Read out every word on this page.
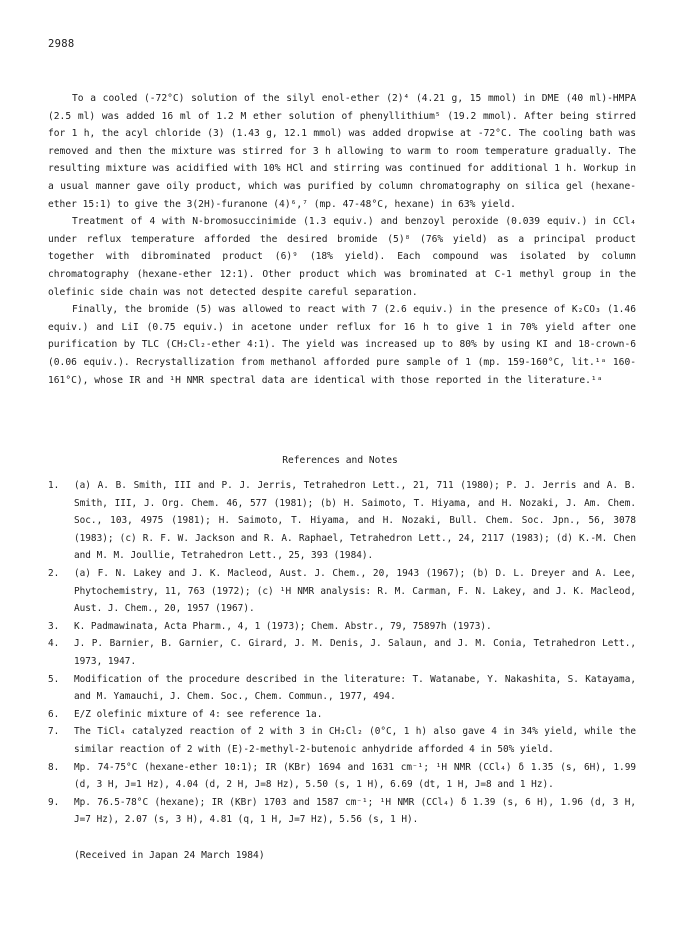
2988

To a cooled (-72°C) solution of the silyl enol-ether (2)⁴ (4.21 g, 15 mmol) in DME (40 ml)-HMPA (2.5 ml) was added 16 ml of 1.2 M ether solution of phenyllithium⁵ (19.2 mmol). After being stirred for 1 h, the acyl chloride (3) (1.43 g, 12.1 mmol) was added dropwise at -72°C. The cooling bath was removed and then the mixture was stirred for 3 h allowing to warm to room temperature gradually. The resulting mixture was acidified with 10% HCl and stirring was continued for additional 1 h. Workup in a usual manner gave oily product, which was purified by column chromatography on silica gel (hexane-ether 15:1) to give the 3(2H)-furanone (4)⁶,⁷ (mp. 47-48°C, hexane) in 63% yield.

Treatment of 4 with N-bromosuccinimide (1.3 equiv.) and benzoyl peroxide (0.039 equiv.) in CCl₄ under reflux temperature afforded the desired bromide (5)⁸ (76% yield) as a principal product together with dibrominated product (6)⁹ (18% yield). Each compound was isolated by column chromatography (hexane-ether 12:1). Other product which was brominated at C-1 methyl group in the olefinic side chain was not detected despite careful separation.

Finally, the bromide (5) was allowed to react with 7 (2.6 equiv.) in the presence of K₂CO₃ (1.46 equiv.) and LiI (0.75 equiv.) in acetone under reflux for 16 h to give 1 in 70% yield after one purification by TLC (CH₂Cl₂-ether 4:1). The yield was increased up to 80% by using KI and 18-crown-6 (0.06 equiv.). Recrystallization from methanol afforded pure sample of 1 (mp. 159-160°C, lit.¹ᵃ 160-161°C), whose IR and ¹H NMR spectral data are identical with those reported in the literature.¹ᵃ

References and Notes
1.	(a) A. B. Smith, III and P. J. Jerris, Tetrahedron Lett., 21, 711 (1980); P. J. Jerris and A. B. Smith, III, J. Org. Chem. 46, 577 (1981); (b) H. Saimoto, T. Hiyama, and H. Nozaki, J. Am. Chem. Soc., 103, 4975 (1981); H. Saimoto, T. Hiyama, and H. Nozaki, Bull. Chem. Soc. Jpn., 56, 3078 (1983); (c) R. F. W. Jackson and R. A. Raphael, Tetrahedron Lett., 24, 2117 (1983); (d) K.-M. Chen and M. M. Joullie, Tetrahedron Lett., 25, 393 (1984).
2.	(a) F. N. Lakey and J. K. Macleod, Aust. J. Chem., 20, 1943 (1967); (b) D. L. Dreyer and A. Lee, Phytochemistry, 11, 763 (1972); (c) ¹H NMR analysis: R. M. Carman, F. N. Lakey, and J. K. Macleod, Aust. J. Chem., 20, 1957 (1967).
3.	K. Padmawinata, Acta Pharm., 4, 1 (1973); Chem. Abstr., 79, 75897h (1973).
4.	J. P. Barnier, B. Garnier, C. Girard, J. M. Denis, J. Salaun, and J. M. Conia, Tetrahedron Lett., 1973, 1947.
5.	Modification of the procedure described in the literature: T. Watanabe, Y. Nakashita, S. Katayama, and M. Yamauchi, J. Chem. Soc., Chem. Commun., 1977, 494.
6.	E/Z olefinic mixture of 4: see reference 1a.
7.	The TiCl₄ catalyzed reaction of 2 with 3 in CH₂Cl₂ (0°C, 1 h) also gave 4 in 34% yield, while the similar reaction of 2 with (E)-2-methyl-2-butenoic anhydride afforded 4 in 50% yield.
8.	Mp. 74-75°C (hexane-ether 10:1); IR (KBr) 1694 and 1631 cm⁻¹; ¹H NMR (CCl₄) δ 1.35 (s, 6H), 1.99 (d, 3 H, J=1 Hz), 4.04 (d, 2 H, J=8 Hz), 5.50 (s, 1 H), 6.69 (dt, 1 H, J=8 and 1 Hz).
9.	Mp. 76.5-78°C (hexane); IR (KBr) 1703 and 1587 cm⁻¹; ¹H NMR (CCl₄) δ 1.39 (s, 6 H), 1.96 (d, 3 H, J=7 Hz), 2.07 (s, 3 H), 4.81 (q, 1 H, J=7 Hz), 5.56 (s, 1 H).
(Received in Japan 24 March 1984)
